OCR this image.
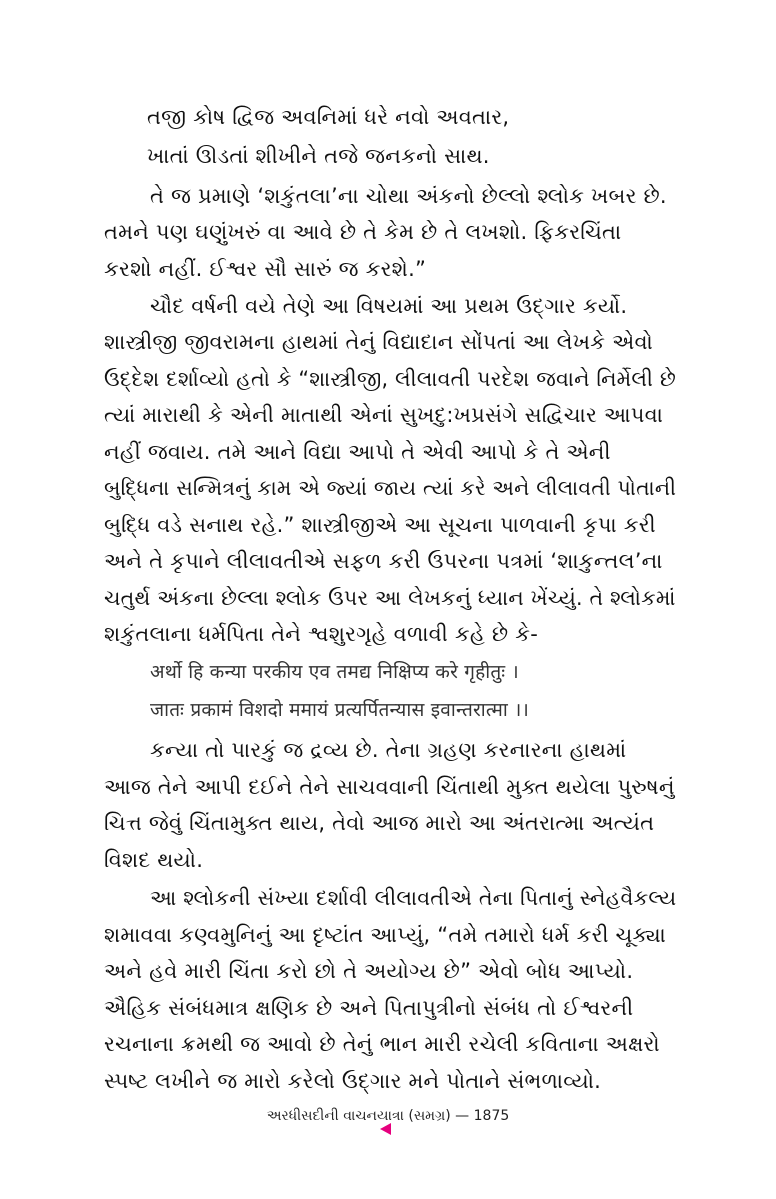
તજી કોષ દ્વિજ અવનિમાં ધરે નવો અવતાર,
ખાતાં ઊડતાં શીખીને તજે જનકનો સાથ.
તે જ પ્રમાણે ‘શકુંતલા’ના ચોથા અંકનો છેલ્લો શ્લોક ખબર છે.
તમને પણ ઘણુંખરું વા આવે છે તે કેમ છે તે લખશો. ફિકરચિંતા
કરશો નહીં. ઈશ્વર સૌ સારું જ કરશે.”
ચૌદ વર્ષની વયે તેણે આ વિષયમાં આ પ્રથમ ઉદ્ગાર કર્યો.
શાસ્ત્રીજી જીવરામના હાથમાં તેનું વિદ્યાદાન સોંપતાં આ લેખકે એવો
ઉદ્દેશ દર્શાવ્યો હતો કે “શાસ્ત્રીજી, લીલાવતી પરદેશ જવાને નિર્મેલી છે
ત્યાં મારાથી કે એની માતાથી એનાં સુખદુ:ખપ્રસંગે સદ્વિચાર આપવા
નહીં જવાય. તમે આને વિદ્યા આપો તે એવી આપો કે તે એની
બુદ્ધિના સન્મિત્રનું કામ એ જ્યાં જાય ત્યાં કરે અને લીલાવતી પોતાની
બુદ્ધિ વડે સનાથ રહે.” શાસ્ત્રીજીએ આ સૂચના પાળવાની કૃપા કરી
અને તે કૃપાને લીલાવતીએ સફળ કરી ઉપરના પત્રમાં ‘શાકુન્તલ’ના
ચતુર્થ અંકના છેલ્લા શ્લોક ઉપર આ લેખકનું ધ્યાન ખેંચ્યું. તે શ્લોકમાં
શકુંતલાના ધર્મપિતા તેને શ્વશુરગૃહે વળાવી કહે છે કે-
अर्थो हि कन्या परकीय एव तमद्य निक्षिप्य करे गृहीतुः ।
जातः प्रकामं विशदो ममायं प्रत्यर्पितन्यास इवान्तरात्मा ।।
કન્યા તો પારકું જ દ્રવ્ય છે. તેના ગ્રહણ કરનારના હાથમાં
આજ તેને આપી દઈને તેને સાચવવાની ચિંતાથી મુક્ત થયેલા પુરુષનું
ચિત્ત જેવું ચિંતામુક્ત થાય, તેવો આજ મારો આ અંતરાત્મા અત્યંત
વિશદ થયો.
આ શ્લોકની સંખ્યા દર્શાવી લીલાવતીએ તેના પિતાનું સ્નેહવૈકલ્ય
શમાવવા કણ્વમુનિનું આ દૃષ્ટાંત આપ્યું, “તમે તમારો ધર્મ કરી ચૂક્યા
અને હવે મારી ચિંતા કરો છો તે અયોગ્ય છે” એવો બોધ આપ્યો.
ઐહિક સંબંધમાત્ર ક્ષણિક છે અને પિતાપુત્રીનો સંબંધ તો ઈશ્વરની
રચનાના ક્રમથી જ આવો છે તેનું ભાન મારી રચેલી કવિતાના અક્ષરો
સ્પષ્ટ લખીને જ મારો કરેલો ઉદ્ગાર મને પોતાને સંભળાવ્યો.
અરધીસદીની વાચનયાત્રા (સમગ્ર) — 1875
